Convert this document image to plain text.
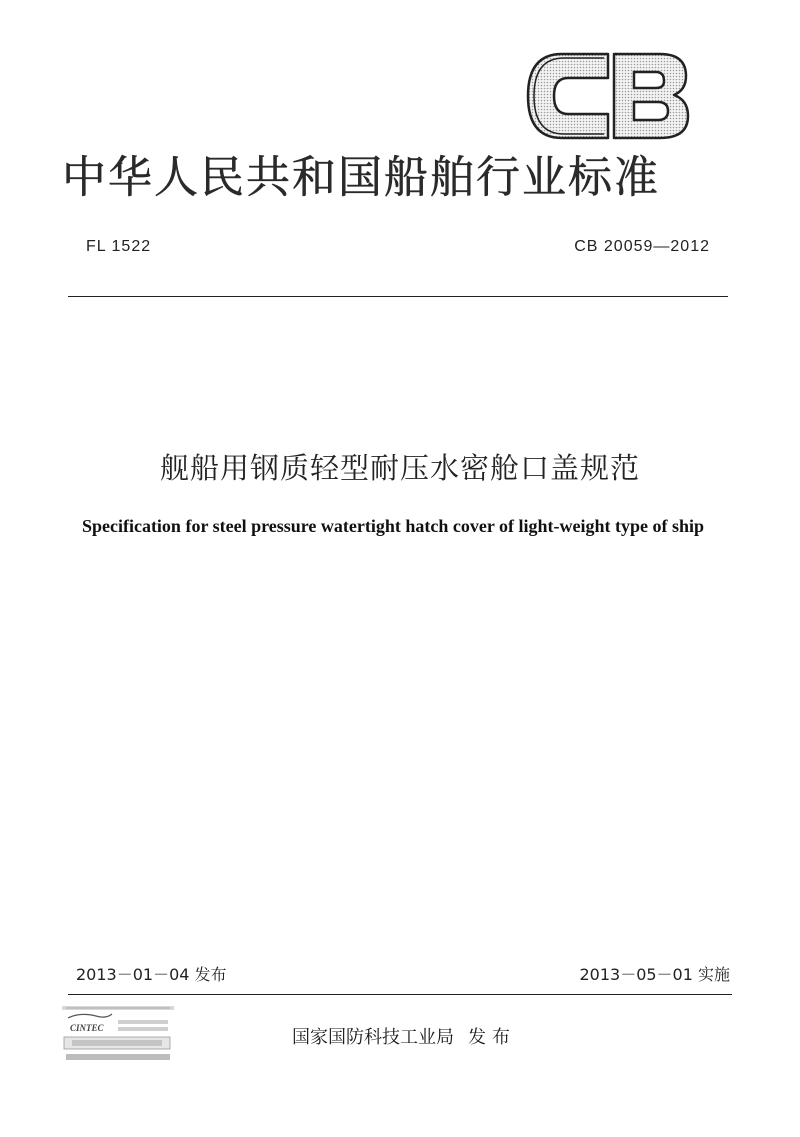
中华人民共和国船舶行业标准
FL 1522	CB 20059—2012
舰船用钢质轻型耐压水密舱口盖规范
Specification for steel pressure watertight hatch cover of light-weight type of ship
2013－01－04 发布	2013－05－01 实施
CINTEC	国家国防科技工业局 发布
